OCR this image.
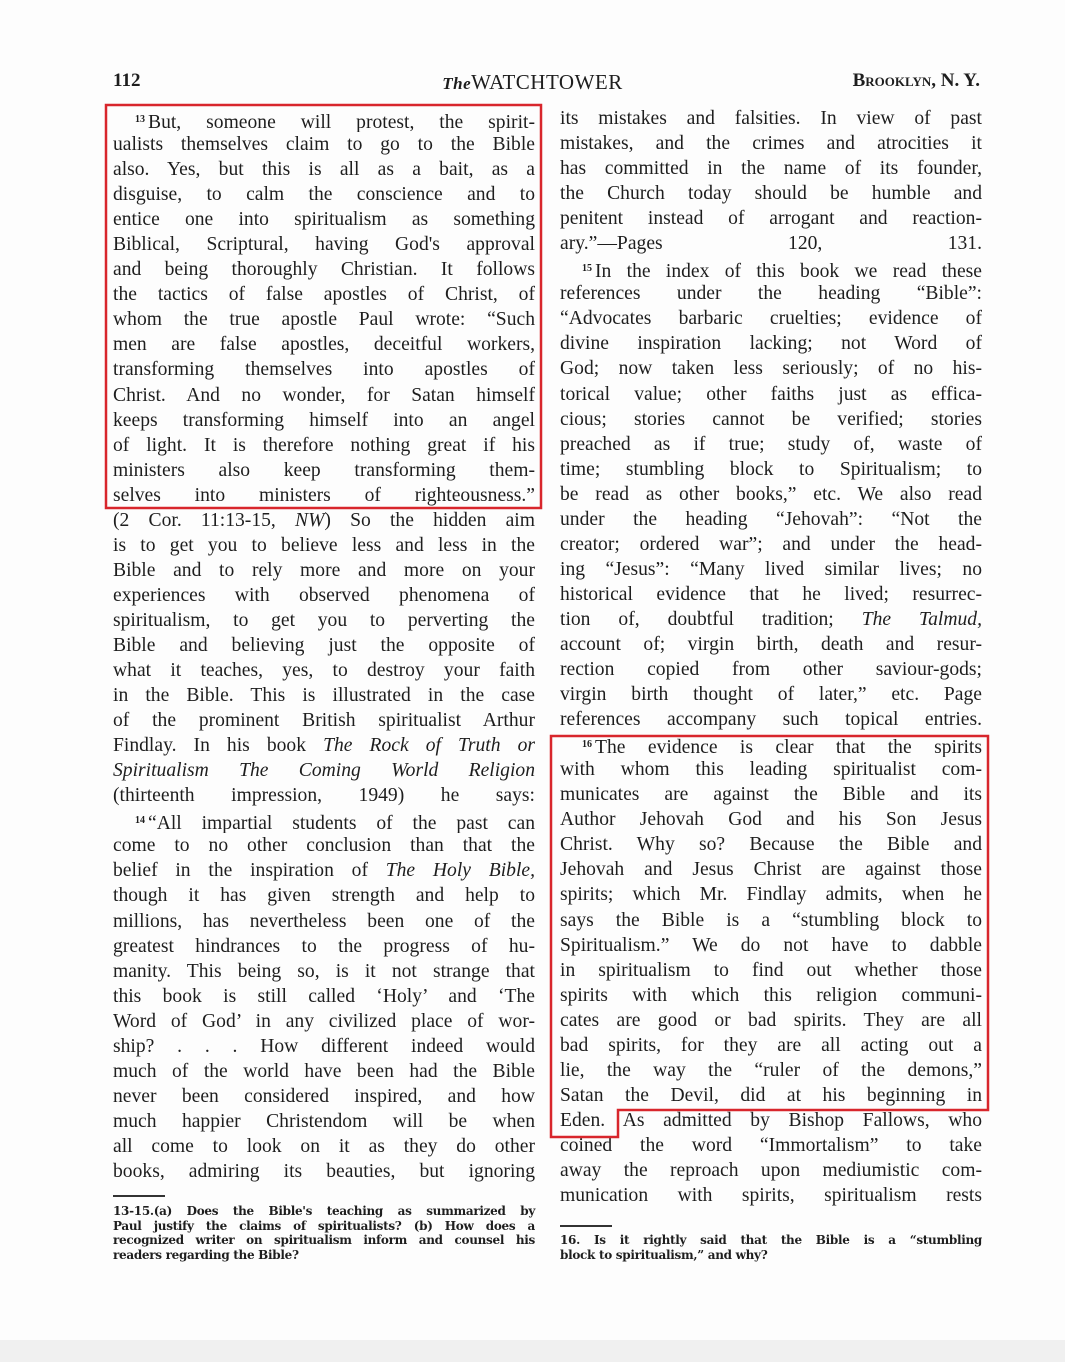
112	TheWATCHTOWER	Brooklyn, N. Y.
$^{13}$ But, someone will protest, the spirit-
ualists themselves claim to go to the Bible
also. Yes, but this is all as a bait, as a
disguise, to calm the conscience and to
entice one into spiritualism as something
Biblical, Scriptural, having God's approval
and being thoroughly Christian. It follows
the tactics of false apostles of Christ, of
whom the true apostle Paul wrote: “Such
men are false apostles, deceitful workers,
transforming themselves into apostles of
Christ. And no wonder, for Satan himself
keeps transforming himself into an angel
of light. It is therefore nothing great if his
ministers also keep transforming them-
selves into ministers of righteousness.”
(2 Cor. 11:13-15, NW) So the hidden aim
is to get you to believe less and less in the
Bible and to rely more and more on your
experiences with observed phenomena of
spiritualism, to get you to perverting the
Bible and believing just the opposite of
what it teaches, yes, to destroy your faith
in the Bible. This is illustrated in the case
of the prominent British spiritualist Arthur
Findlay. In his book The Rock of Truth or
Spiritualism The Coming World Religion
(thirteenth impression, 1949) he says:
$^{14}$ “All impartial students of the past can
come to no other conclusion than that the
belief in the inspiration of The Holy Bible,
though it has given strength and help to
millions, has nevertheless been one of the
greatest hindrances to the progress of hu-
manity. This being so, is it not strange that
this book is still called ‘Holy’ and ‘The
Word of God’ in any civilized place of wor-
ship? . . . How different indeed would
much of the world have been had the Bible
never been considered inspired, and how
much happier Christendom will be when
all come to look on it as they do other
books, admiring its beauties, but ignoring
its mistakes and falsities. In view of past
mistakes, and the crimes and atrocities it
has committed in the name of its founder,
the Church today should be humble and
penitent instead of arrogant and reaction-
ary.”—Pages 120, 131.
$^{15}$ In the index of this book we read these
references under the heading “Bible”:
“Advocates barbaric cruelties; evidence of
divine inspiration lacking; not Word of
God; now taken less seriously; of no his-
torical value; other faiths just as effica-
cious; stories cannot be verified; stories
preached as if true; study of, waste of
time; stumbling block to Spiritualism; to
be read as other books,” etc. We also read
under the heading “Jehovah”: “Not the
creator; ordered war”; and under the head-
ing “Jesus”: “Many lived similar lives; no
historical evidence that he lived; resurrec-
tion of, doubtful tradition; The Talmud,
account of; virgin birth, death and resur-
rection copied from other saviour-gods;
virgin birth thought of later,” etc. Page
references accompany such topical entries.
$^{16}$ The evidence is clear that the spirits
with whom this leading spiritualist com-
municates are against the Bible and its
Author Jehovah God and his Son Jesus
Christ. Why so? Because the Bible and
Jehovah and Jesus Christ are against those
spirits; which Mr. Findlay admits, when he
says the Bible is a “stumbling block to
Spiritualism.” We do not have to dabble
in spiritualism to find out whether those
spirits with which this religion communi-
cates are good or bad spirits. They are all
bad spirits, for they are all acting out a
lie, the way the “ruler of the demons,”
Satan the Devil, did at his beginning in
Eden. As admitted by Bishop Fallows, who
coined the word “Immortalism” to take
away the reproach upon mediumistic com-
munication with spirits, spiritualism rests
13-15.(a) Does the Bible's teaching as summarized by
Paul justify the claims of spiritualists? (b) How does a
recognized writer on spiritualism inform and counsel his
readers regarding the Bible?
16. Is it rightly said that the Bible is a “stumbling
block to spiritualism,” and why?
